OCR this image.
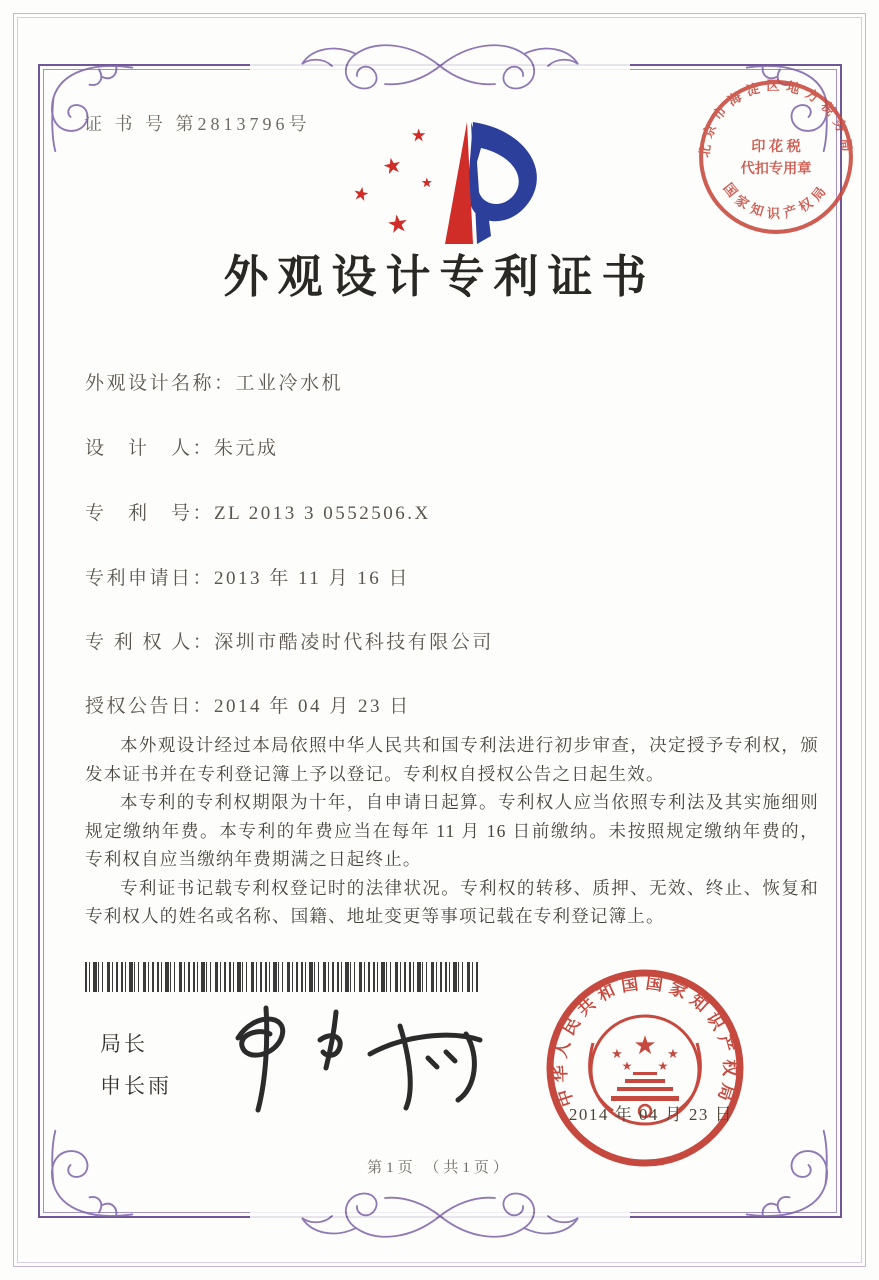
证 书 号 第2813796号
北京市海淀区地方税务局
国家知识产权局
印 花 税
代扣专用章
★
★
★
★
★
外观设计专利证书
外观设计名称：工业冷水机
设　计　人：朱元成
专　利　号：ZL 2013 3 0552506.X
专利申请日：2013 年 11 月 16 日
专 利 权 人：深圳市酷凌时代科技有限公司
授权公告日：2014 年 04 月 23 日

本外观设计经过本局依照中华人民共和国专利法进行初步审查，决定授予专利权，颁发本证书并在专利登记簿上予以登记。专利权自授权公告之日起生效。

本专利的专利权期限为十年，自申请日起算。专利权人应当依照专利法及其实施细则规定缴纳年费。本专利的年费应当在每年 11 月 16 日前缴纳。未按照规定缴纳年费的，专利权自应当缴纳年费期满之日起终止。

专利证书记载专利权登记时的法律状况。专利权的转移、质押、无效、终止、恢复和专利权人的姓名或名称、国籍、地址变更等事项记载在专利登记簿上。

局长
申长雨	中华人民共和国国家知识产权局
★
★	★
★ ★
2014 年 04 月 23 日
第1页 （共1页）
